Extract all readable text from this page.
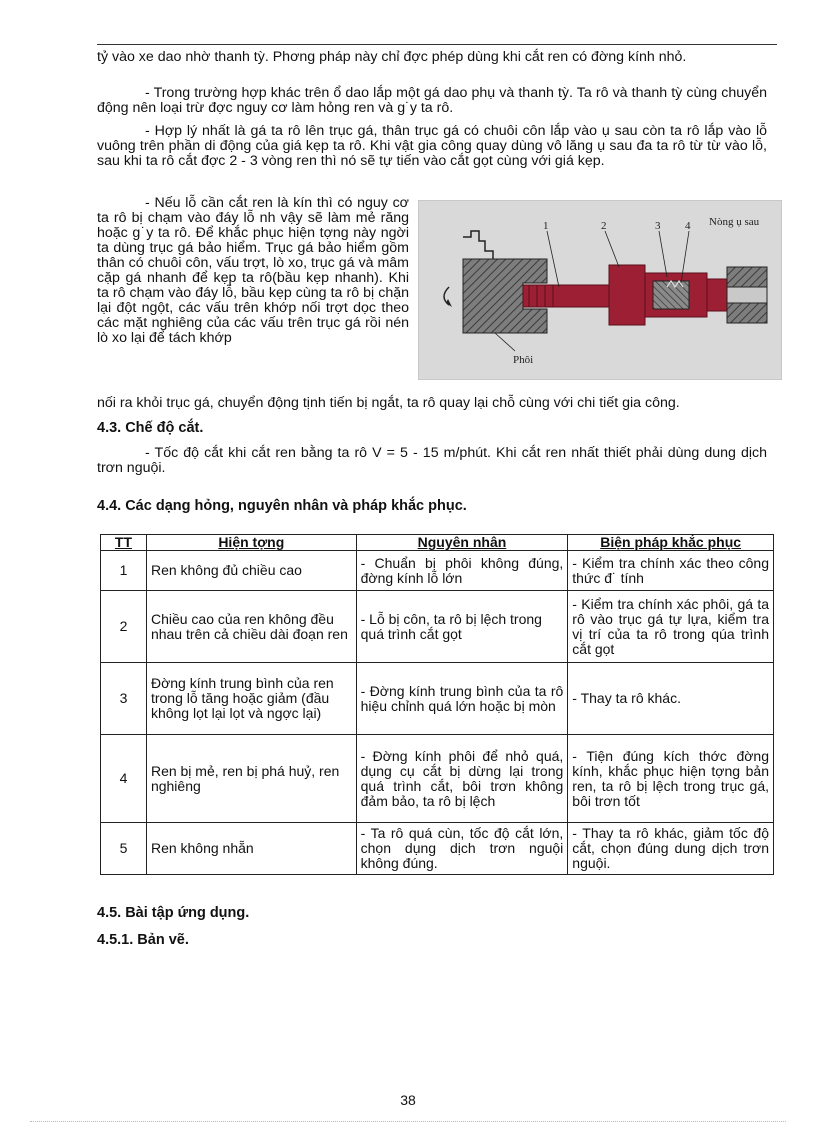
tỷ vào xe dao nhờ thanh tỳ. Phơng pháp này chỉ đợc phép dùng khi cắt ren có đờng kính nhỏ.

- Trong trường hợp khác trên ổ dao lắp một gá dao phụ và thanh tỳ. Ta rô và thanh tỳ cùng chuyển động nên loại trừ đợc nguy cơ làm hỏng ren và g˙y ta rô.

- Hợp lý nhất là gá ta rô lên trục gá, thân trục gá có chuôi côn lắp vào ụ sau còn ta rô lắp vào lỗ vuông trên phần di động của giá kẹp ta rô. Khi vật gia công quay dùng vô lăng ụ sau đa ta rô từ từ vào lỗ, sau khi ta rô cắt đợc 2 - 3 vòng ren thì nó sẽ tự tiến vào cắt gọt cùng với giá kẹp.

- Nếu lỗ cần cắt ren là kín thì có nguy cơ ta rô bị chạm vào đáy lỗ nh vậy sẽ làm mẻ răng hoặc g˙y ta rô. Để khắc phục hiện tợng này ngời ta dùng trục gá bảo hiểm. Trục gá bảo hiểm gồm thân có chuôi côn, vấu trợt, lò xo, trục gá và mâm cặp gá nhanh để kẹp ta rô(bầu kẹp nhanh). Khi ta rô chạm vào đáy lỗ, bầu kẹp cùng ta rô bị chặn lại đột ngột, các vấu trên khớp nối trợt dọc theo các mặt nghiêng của các vấu trên trục gá rồi nén lò xo lại để tách khớp

1	2	3 4 Nòng ụ sau
Phôi

nối ra khỏi trục gá, chuyển động tịnh tiến bị ngắt, ta rô quay lại chỗ cùng với chi tiết gia công.

4.3. Chế độ cắt.

- Tốc độ cắt khi cắt ren bằng ta rô V = 5 - 15 m/phút. Khi cắt ren nhất thiết phải dùng dung dịch trơn nguội.

4.4. Các dạng hỏng, nguyên nhân và pháp khắc phục.
TT	Hiện tợng	Nguyên nhân	Biện pháp khắc phục
1	Ren không đủ chiều cao	- Chuẩn bị phôi không đúng, đờng kính lỗ lớn	- Kiểm tra chính xác theo công thức đ˙ tính
2	Chiều cao của ren không đều nhau trên cả chiều dài đoạn ren	- Lỗ bị côn, ta rô bị lệch trong quá trình cắt gọt	- Kiểm tra chính xác phôi, gá ta rô vào trục gá tự lựa, kiểm tra vị trí của ta rô trong qúa trình cắt gọt
3	Đờng kính trung bình của ren trong lỗ tăng hoặc giảm (đầu không lọt lại lọt và ngợc lại)	- Đờng kính trung bình của ta rô hiệu chỉnh quá lớn hoặc bị mòn	- Thay ta rô khác.
4	Ren bị mẻ, ren bị phá huỷ, ren nghiêng	- Đờng kính phôi để nhỏ quá, dụng cụ cắt bị dừng lại trong quá trình cắt, bôi trơn không đảm bảo, ta rô bị lệch	- Tiện đúng kích thớc đờng kính, khắc phục hiện tợng bản ren, ta rô bị lệch trong trục gá, bôi trơn tốt
5	Ren không nhẵn	- Ta rô quá cùn, tốc độ cắt lớn, chọn dụng dịch trơn nguội không đúng.	- Thay ta rô khác, giảm tốc độ cắt, chọn đúng dung dịch trơn nguội.
4.5. Bài tập ứng dụng.
4.5.1. Bản vẽ.
38
